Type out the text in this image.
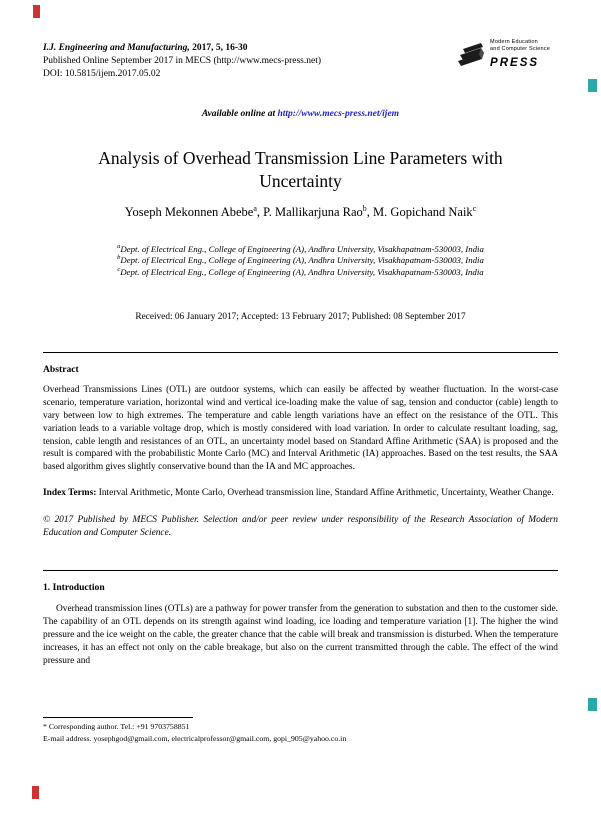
I.J. Engineering and Manufacturing, 2017, 5, 16-30

Published Online September 2017 in MECS (http://www.mecs-press.net)

DOI: 10.5815/ijem.2017.05.02

Modern Education
and Computer Science
PRESS

Available online at http://www.mecs-press.net/ijem

Analysis of Overhead Transmission Line Parameters with Uncertainty

Yoseph Mekonnen Abebe$^a$, P. Mallikarjuna Rao$^b$, M. Gopichand Naik$^c$

$^a$Dept. of Electrical Eng., College of Engineering (A), Andhra University, Visakhapatnam-530003, India

$^b$Dept. of Electrical Eng., College of Engineering (A), Andhra University, Visakhapatnam-530003, India

$^c$Dept. of Electrical Eng., College of Engineering (A), Andhra University, Visakhapatnam-530003, India

Received: 06 January 2017; Accepted: 13 February 2017; Published: 08 September 2017

Abstract

Overhead Transmissions Lines (OTL) are outdoor systems, which can easily be affected by weather fluctuation. In the worst-case scenario, temperature variation, horizontal wind and vertical ice-loading make the value of sag, tension and conductor (cable) length to vary between low to high extremes. The temperature and cable length variations have an effect on the resistance of the OTL. This variation leads to a variable voltage drop, which is mostly considered with load variation. In order to calculate resultant loading, sag, tension, cable length and resistances of an OTL, an uncertainty model based on Standard Affine Arithmetic (SAA) is proposed and the result is compared with the probabilistic Monte Carlo (MC) and Interval Arithmetic (IA) approaches. Based on the test results, the SAA based algorithm gives slightly conservative bound than the IA and MC approaches.

Index Terms: Interval Arithmetic, Monte Carlo, Overhead transmission line, Standard Affine Arithmetic, Uncertainty, Weather Change.

© 2017 Published by MECS Publisher. Selection and/or peer review under responsibility of the Research Association of Modern Education and Computer Science.

1. Introduction

Overhead transmission lines (OTLs) are a pathway for power transfer from the generation to substation and then to the customer side. The capability of an OTL depends on its strength against wind loading, ice loading and temperature variation [1]. The higher the wind pressure and the ice weight on the cable, the greater chance that the cable will break and transmission is disturbed. When the temperature increases, it has an effect not only on the cable breakage, but also on the current transmitted through the cable. The effect of the wind pressure and

* Corresponding author. Tel.: +91 9703758851

E-mail address. yosephgod@gmail.com, electricalprofessor@gmail.com, gopi_905@yahoo.co.in
